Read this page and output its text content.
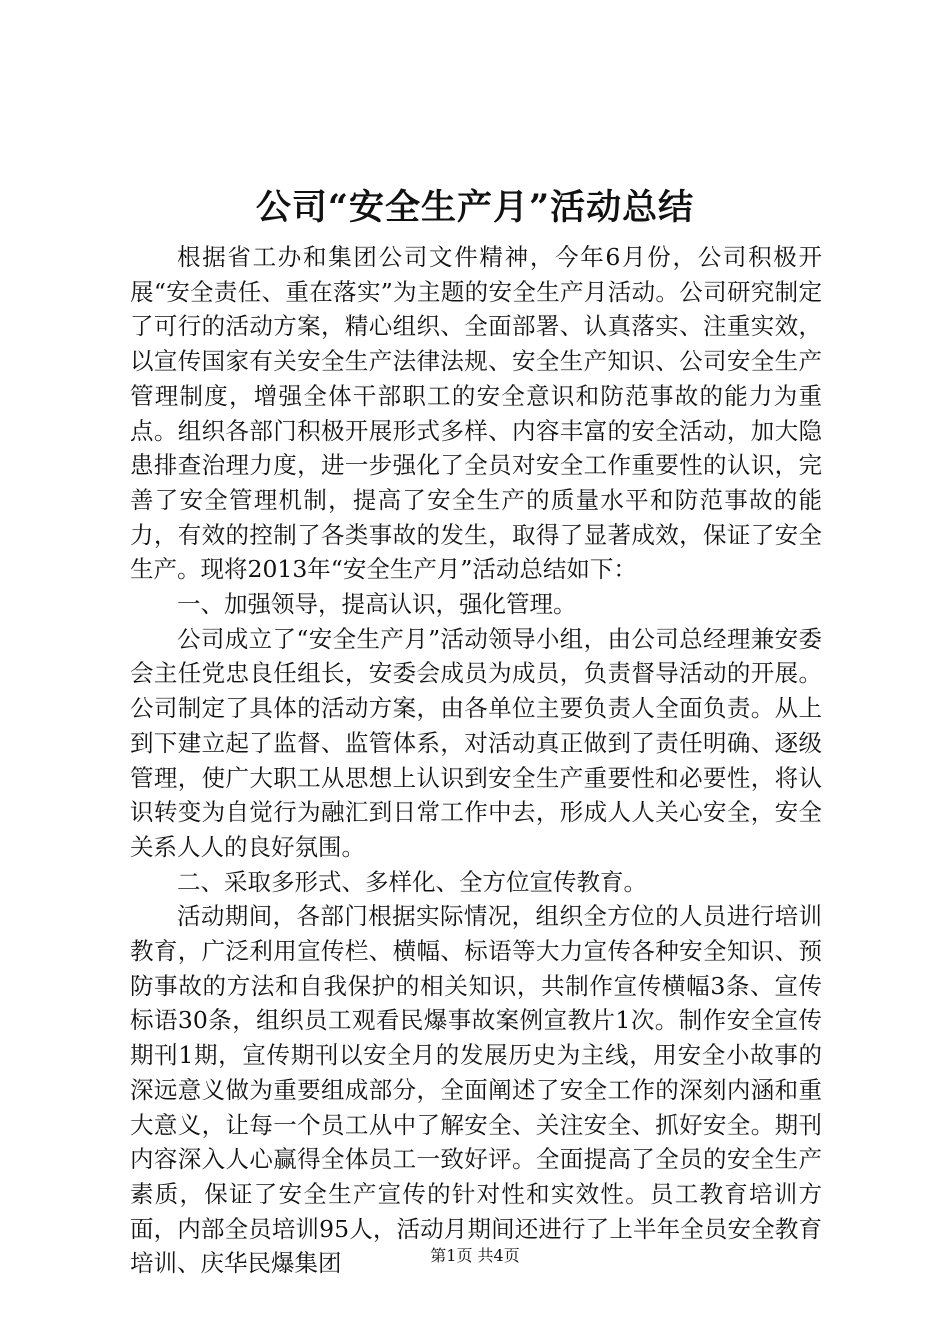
公司“安全生产月”活动总结

根据省工办和集团公司文件精神，今年6月份，公司积极开展“安全责任、重在落实”为主题的安全生产月活动。公司研究制定了可行的活动方案，精心组织、全面部署、认真落实、注重实效，以宣传国家有关安全生产法律法规、安全生产知识、公司安全生产管理制度，增强全体干部职工的安全意识和防范事故的能力为重点。组织各部门积极开展形式多样、内容丰富的安全活动，加大隐患排查治理力度，进一步强化了全员对安全工作重要性的认识，完善了安全管理机制，提高了安全生产的质量水平和防范事故的能力，有效的控制了各类事故的发生，取得了显著成效，保证了安全生产。现将2013年“安全生产月”活动总结如下：

一、加强领导，提高认识，强化管理。

公司成立了“安全生产月”活动领导小组，由公司总经理兼安委会主任党忠良任组长，安委会成员为成员，负责督导活动的开展。公司制定了具体的活动方案，由各单位主要负责人全面负责。从上到下建立起了监督、监管体系，对活动真正做到了责任明确、逐级管理，使广大职工从思想上认识到安全生产重要性和必要性，将认识转变为自觉行为融汇到日常工作中去，形成人人关心安全，安全关系人人的良好氛围。

二、采取多形式、多样化、全方位宣传教育。

活动期间，各部门根据实际情况，组织全方位的人员进行培训教育，广泛利用宣传栏、横幅、标语等大力宣传各种安全知识、预防事故的方法和自我保护的相关知识，共制作宣传横幅3条、宣传标语30条，组织员工观看民爆事故案例宣教片1次。制作安全宣传期刊1期，宣传期刊以安全月的发展历史为主线，用安全小故事的深远意义做为重要组成部分，全面阐述了安全工作的深刻内涵和重大意义，让每一个员工从中了解安全、关注安全、抓好安全。期刊内容深入人心赢得全体员工一致好评。全面提高了全员的安全生产素质，保证了安全生产宣传的针对性和实效性。员工教育培训方面，内部全员培训95人，活动月期间还进行了上半年全员安全教育培训、庆华民爆集团	第1页 共4页
